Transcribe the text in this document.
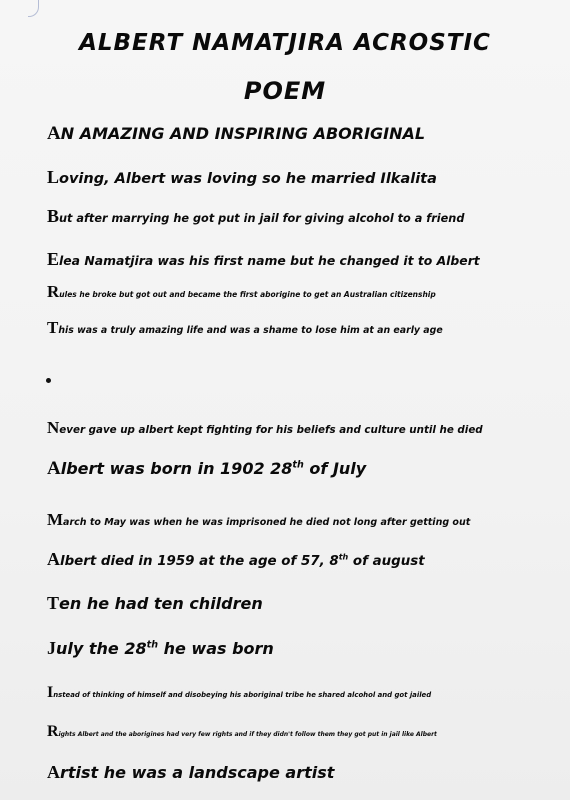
ALBERT NAMATJIRA ACROSTIC
POEM

AN AMAZING AND INSPIRING ABORIGINAL

Loving, Albert was loving so he married Ilkalita

But after marrying he got put in jail for giving alcohol to a friend

Elea Namatjira was his first name but he changed it to Albert

Rules he broke but got out and became the first aborigine to get an Australian citizenship

This was a truly amazing life and was a shame to lose him at an early age

Never gave up albert kept fighting for his beliefs and culture until he died

Albert was born in 1902 28th of July

March to May was when he was imprisoned he died not long after getting out

Albert died in 1959 at the age of 57, 8th of august

Ten he had ten children

July the 28th he was born

Instead of thinking of himself and disobeying his aboriginal tribe he shared alcohol and got jailed

Rights Albert and the aborigines had very few rights and if they didn't follow them they got put in jail like Albert

Artist he was a landscape artist
